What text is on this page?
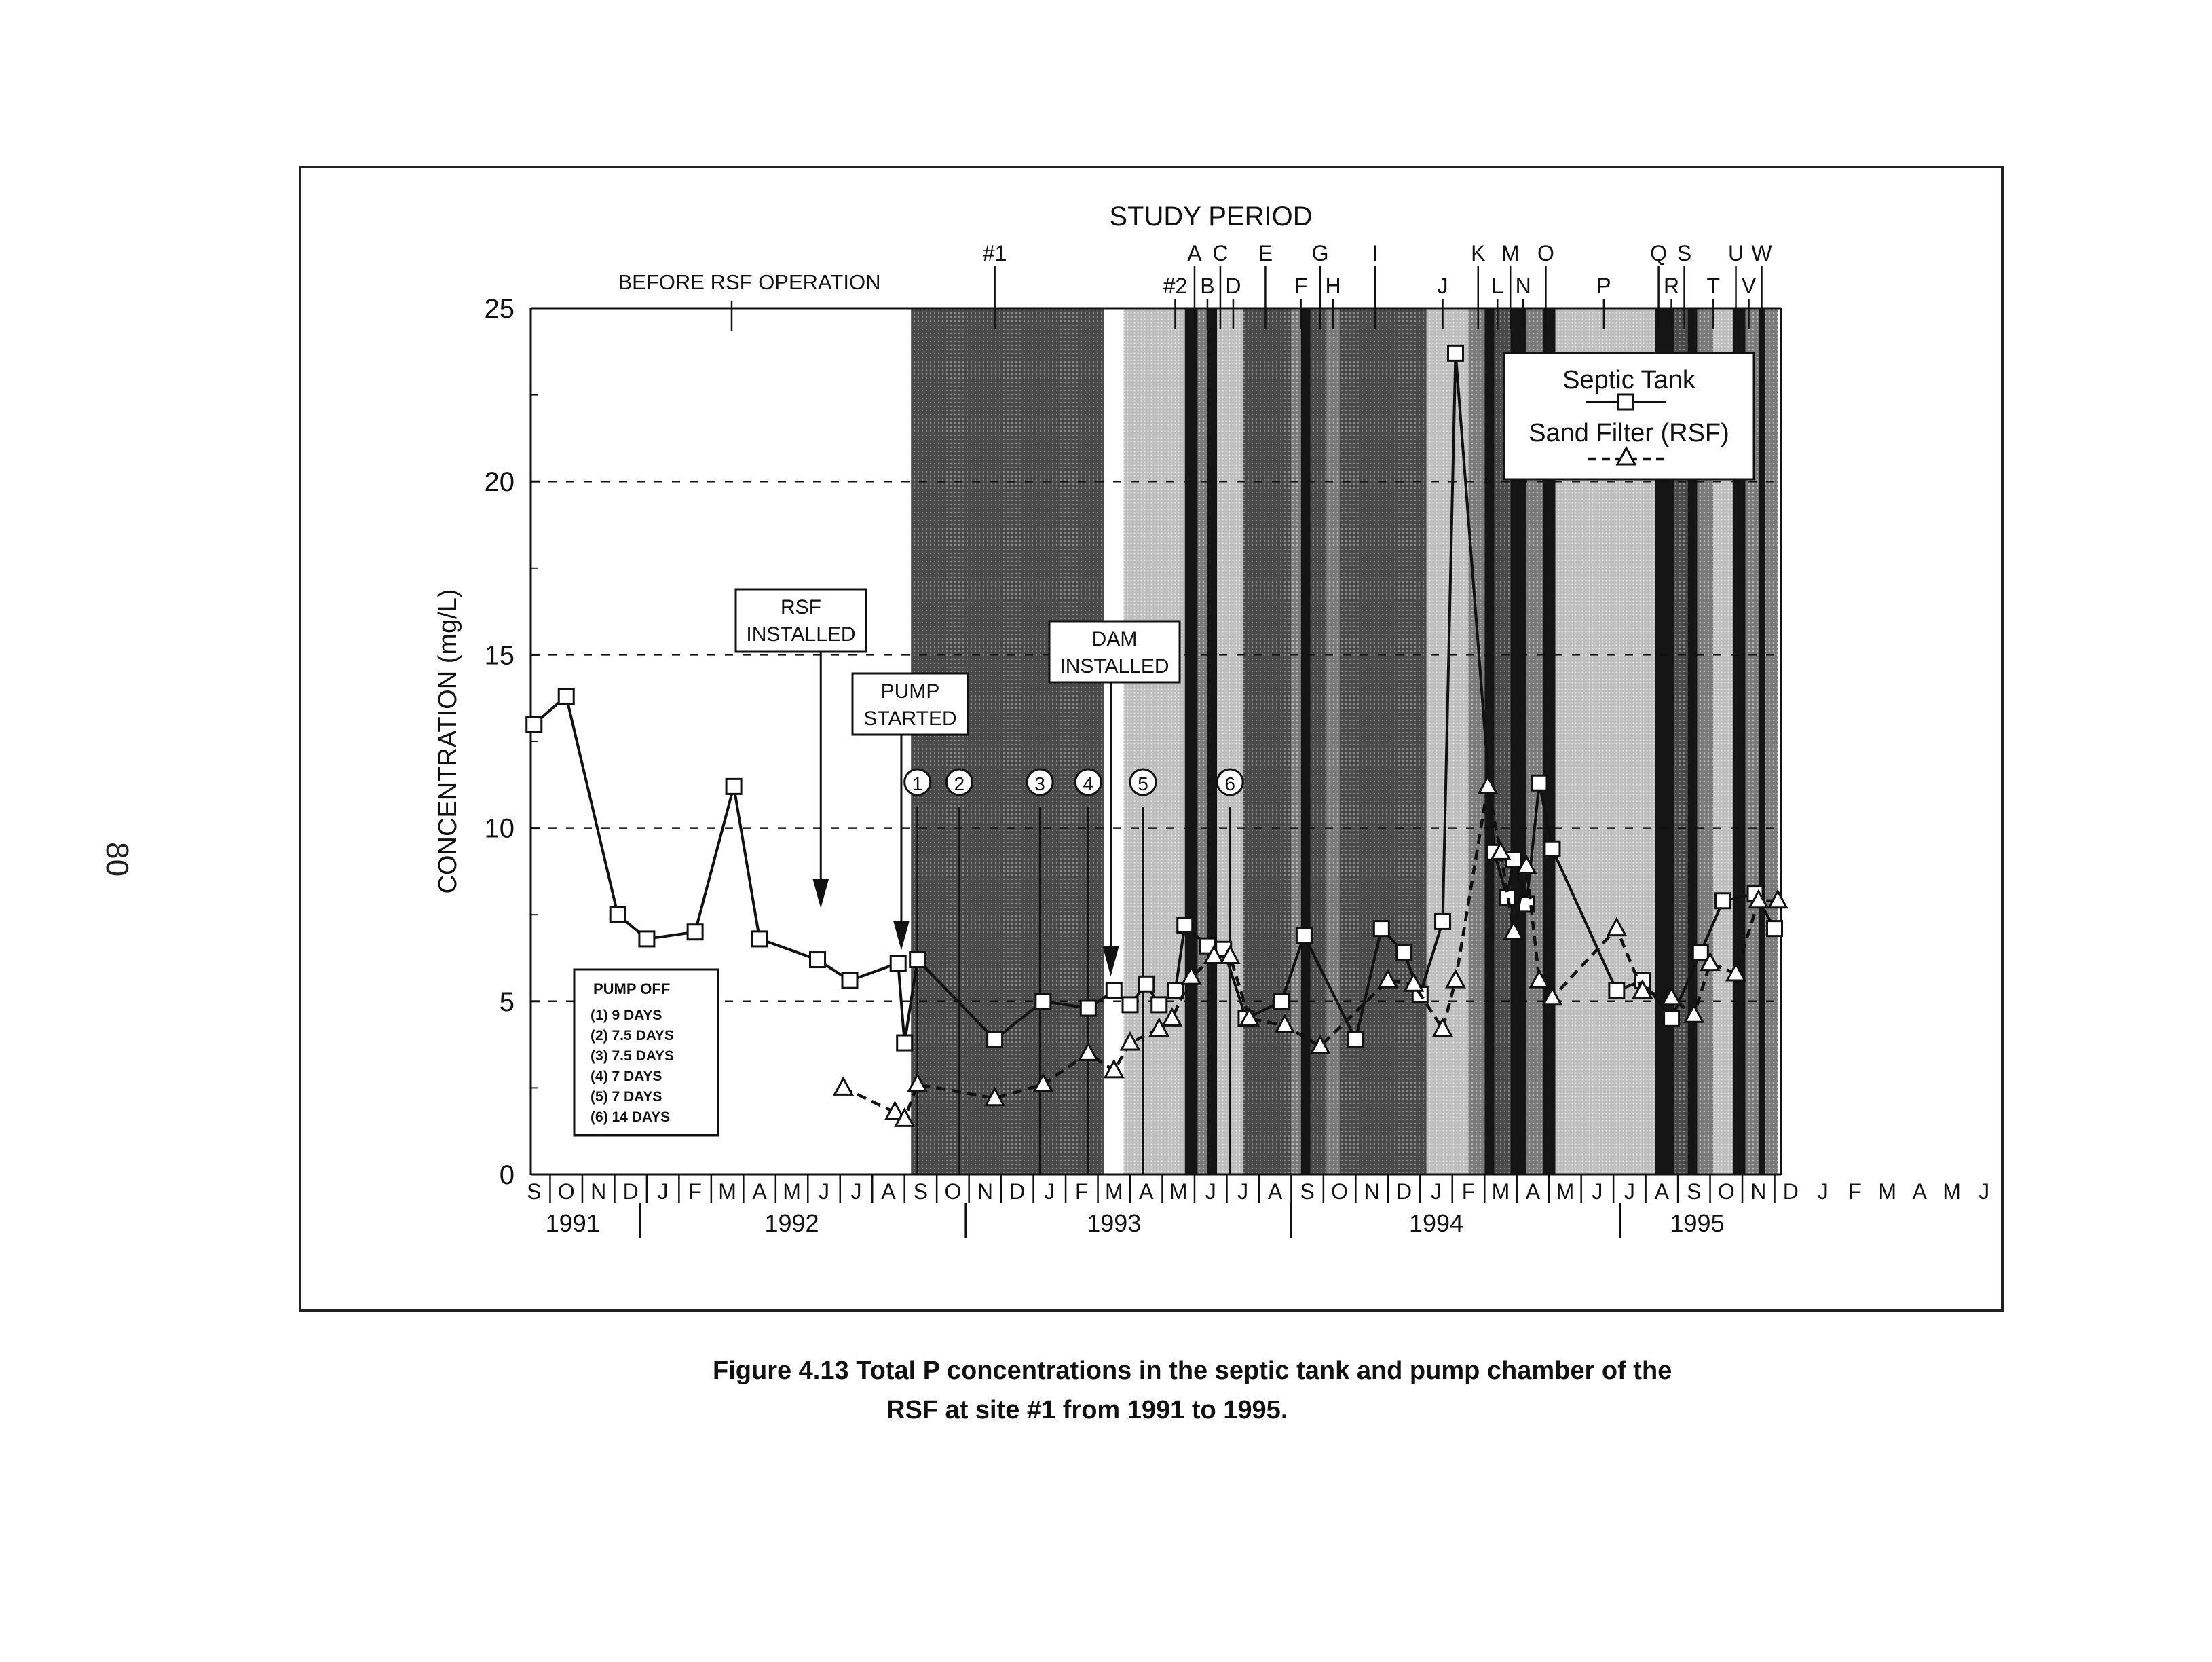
80
0
5
10
15
20
25
CONCENTRATION (mg/L)
S O N D J F M A M J J A S O N D J F M A M J J A S O N D J F M A M J J A S O N D J F M A M J
1991	1992	1993	1994	1995
STUDY PERIOD
BEFORE RSF OPERATION
#1
#2
A
B
C
D
E
F
G
H
I
J
K
L
M
N
O
P
Q
R
S
T
U
V
W
RSF
INSTALLED
PUMP
STARTED
DAM
INSTALLED
1 2	3 4 5	6
PUMP OFF
(1) 9 DAYS
(2) 7.5 DAYS
(3) 7.5 DAYS
(4) 7 DAYS
(5) 7 DAYS
(6) 14 DAYS
Septic Tank
Sand Filter (RSF)
Figure 4.13 Total P concentrations in the septic tank and pump chamber of the
RSF at site #1 from 1991 to 1995.
